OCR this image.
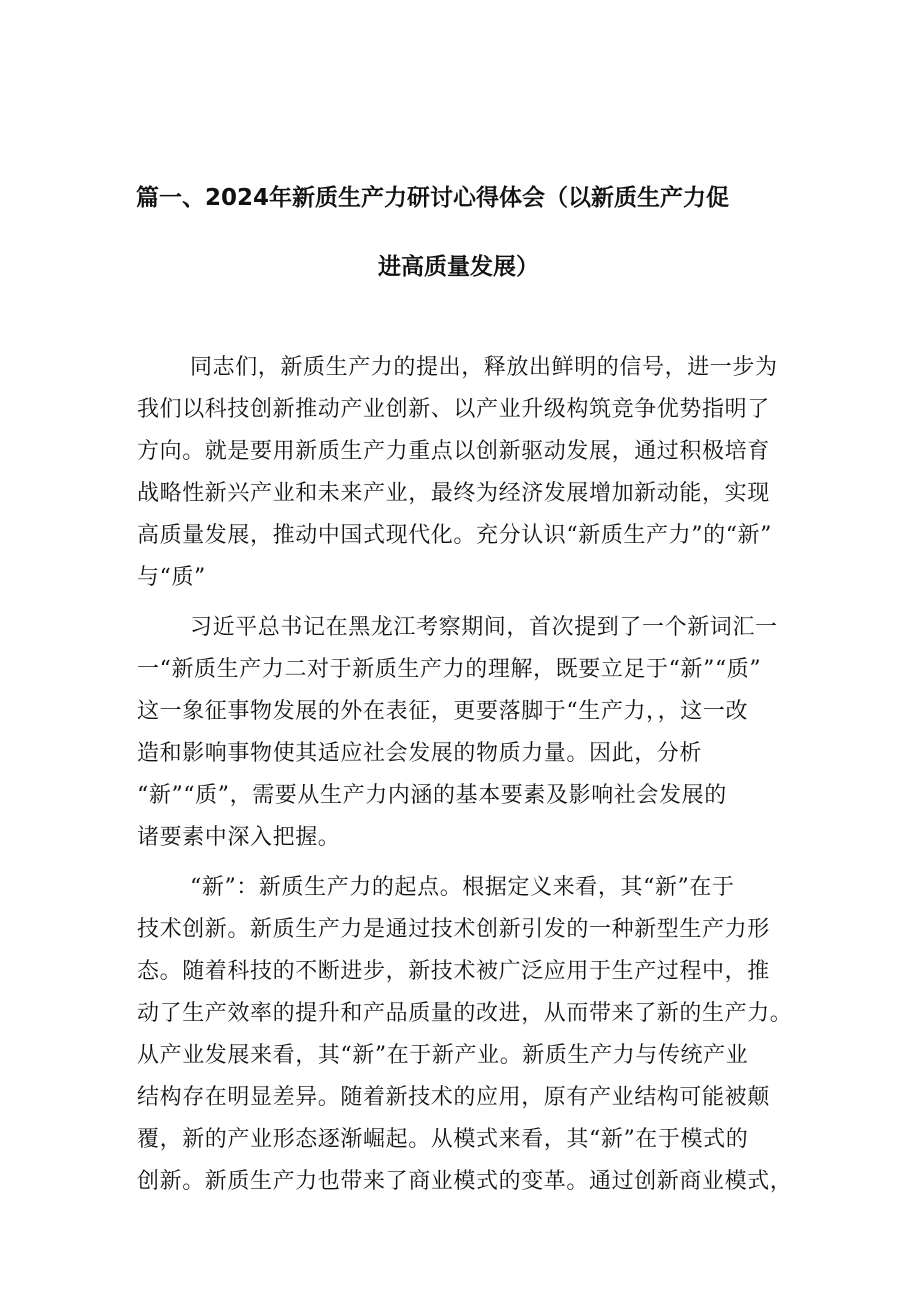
篇一、2024年新质生产力研讨心得体会（以新质生产力促
进高质量发展）
同志们，新质生产力的提出，释放出鲜明的信号，进一步为
我们以科技创新推动产业创新、以产业升级构筑竞争优势指明了
方向。就是要用新质生产力重点以创新驱动发展，通过积极培育
战略性新兴产业和未来产业，最终为经济发展增加新动能，实现
高质量发展，推动中国式现代化。充分认识“新质生产力”的“新”
与“质”
习近平总书记在黑龙江考察期间，首次提到了一个新词汇一
一“新质生产力二对于新质生产力的理解，既要立足于“新”“质”
这一象征事物发展的外在表征，更要落脚于“生产力，，这一改
造和影响事物使其适应社会发展的物质力量。因此，分析
“新”“质”，需要从生产力内涵的基本要素及影响社会发展的
诸要素中深入把握。
“新”：新质生产力的起点。根据定义来看，其“新”在于
技术创新。新质生产力是通过技术创新引发的一种新型生产力形
态。随着科技的不断进步，新技术被广泛应用于生产过程中，推
动了生产效率的提升和产品质量的改进，从而带来了新的生产力。
从产业发展来看，其“新”在于新产业。新质生产力与传统产业
结构存在明显差异。随着新技术的应用，原有产业结构可能被颠
覆，新的产业形态逐渐崛起。从模式来看，其“新”在于模式的
创新。新质生产力也带来了商业模式的变革。通过创新商业模式，
